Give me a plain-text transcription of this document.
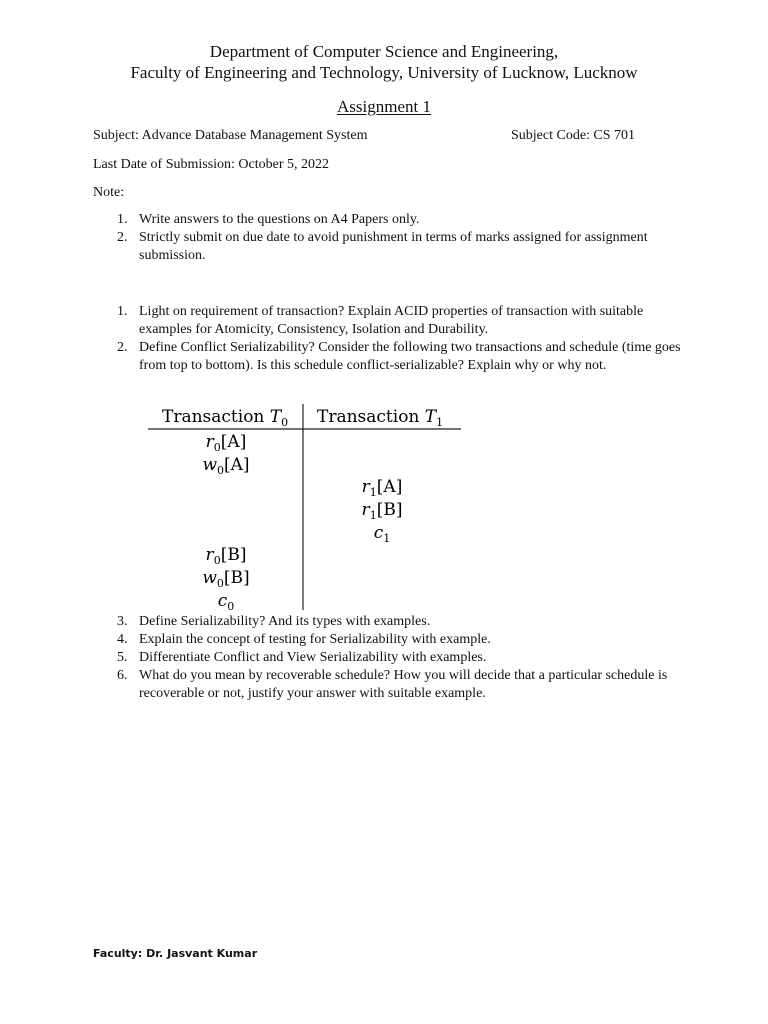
Department of Computer Science and Engineering,
Faculty of Engineering and Technology, University of Lucknow, Lucknow
Assignment 1
Subject: Advance Database Management System	Subject Code: CS 701
Last Date of Submission: October 5, 2022
Note:
1. Write answers to the questions on A4 Papers only.
2. Strictly submit on due date to avoid punishment in terms of marks assigned for assignment submission.
1. Light on requirement of transaction? Explain ACID properties of transaction with suitable examples for Atomicity, Consistency, Isolation and Durability.
2. Define Conflict Serializability? Consider the following two transactions and schedule (time goes from top to bottom). Is this schedule conflict-serializable? Explain why or why not.
Transaction $T_0$ Transaction $T_1$
$r_0[A]$
$w_0[A]$
$r_1[A]$
$r_1[B]$
$c_1$
$r_0[B]$
$w_0[B]$
$c_0$
3. Define Serializability? And its types with examples.
4. Explain the concept of testing for Serializability with example.
5. Differentiate Conflict and View Serializability with examples.
6. What do you mean by recoverable schedule? How you will decide that a particular schedule is recoverable or not, justify your answer with suitable example.
Faculty: Dr. Jasvant Kumar
